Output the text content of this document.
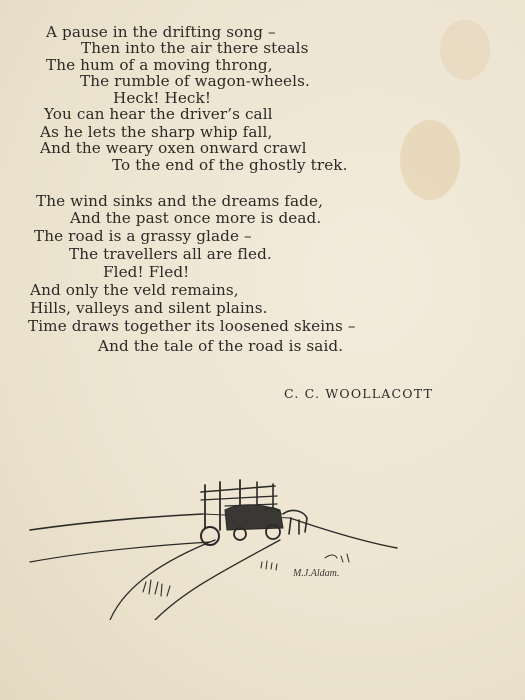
A pause in the drifting song –
Then into the air there steals
The hum of a moving throng,
The rumble of wagon-wheels.
Heck! Heck!
You can hear the driver’s call
As he lets the sharp whip fall,
And the weary oxen onward crawl
To the end of the ghostly trek.
The wind sinks and the dreams fade,
And the past once more is dead.
The road is a grassy glade –
The travellers all are fled.
Fled! Fled!
And only the veld remains,
Hills, valleys and silent plains.
Time draws together its loosened skeins –
And the tale of the road is said.
C. C. WOOLLACOTT
M.J.Aldam.
